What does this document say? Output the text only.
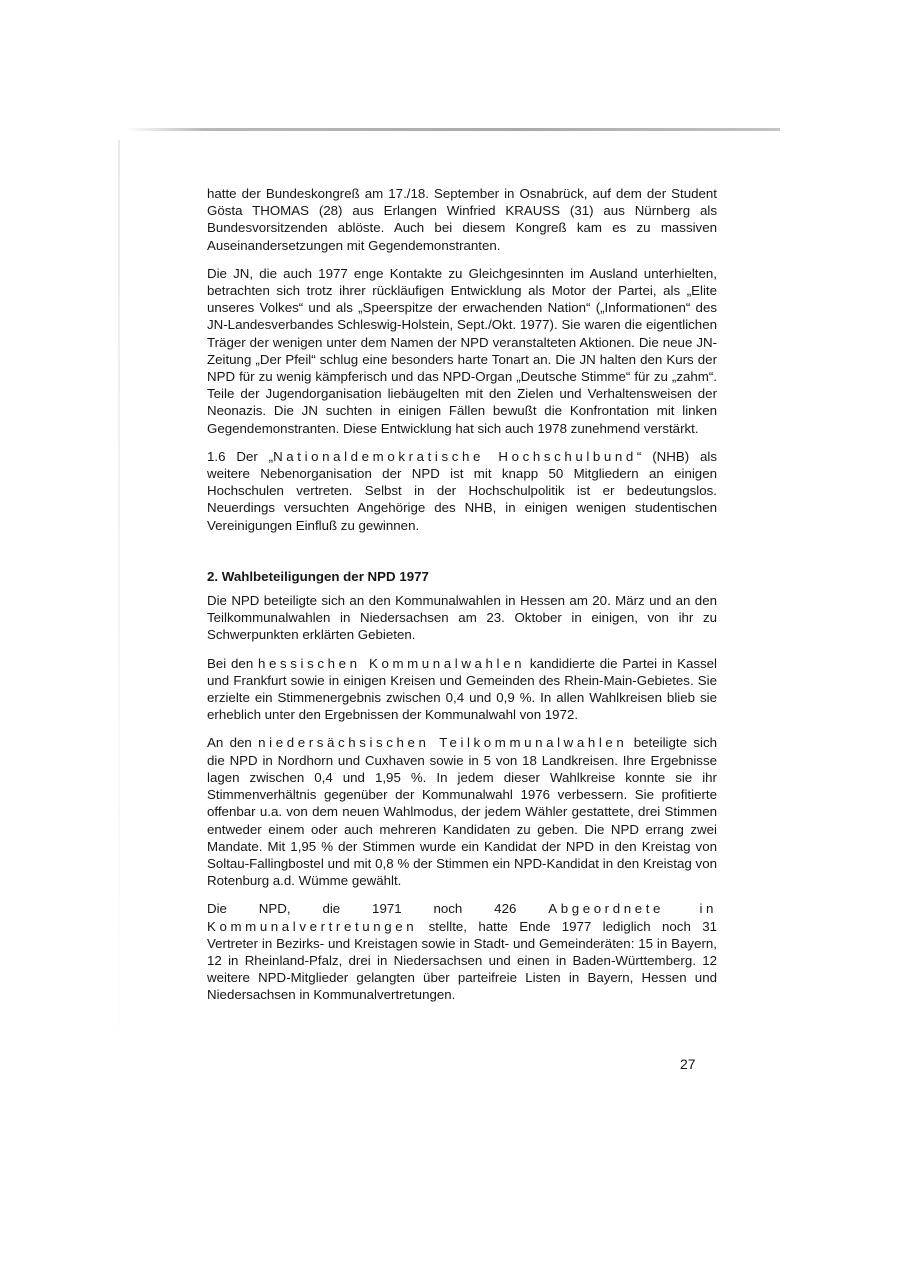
hatte der Bundeskongreß am 17./18. September in Osnabrück, auf dem der Student Gösta THOMAS (28) aus Erlangen Winfried KRAUSS (31) aus Nürnberg als Bundesvorsitzenden ablöste. Auch bei diesem Kongreß kam es zu massiven Auseinandersetzungen mit Gegendemonstranten.

Die JN, die auch 1977 enge Kontakte zu Gleichgesinnten im Ausland unterhielten, betrachten sich trotz ihrer rückläufigen Entwicklung als Motor der Partei, als „Elite unseres Volkes“ und als „Speerspitze der erwachenden Nation“ („Informationen“ des JN-Landesverbandes Schleswig-Holstein, Sept./Okt. 1977). Sie waren die eigentlichen Träger der wenigen unter dem Namen der NPD veranstalteten Aktionen. Die neue JN-Zeitung „Der Pfeil“ schlug eine besonders harte Tonart an. Die JN halten den Kurs der NPD für zu wenig kämpferisch und das NPD-Organ „Deutsche Stimme“ für zu „zahm“. Teile der Jugendorganisation liebäugelten mit den Zielen und Verhaltensweisen der Neonazis. Die JN suchten in einigen Fällen bewußt die Konfrontation mit linken Gegendemonstranten. Diese Entwicklung hat sich auch 1978 zunehmend verstärkt.

1.6 Der „Nationaldemokratische Hochschulbund“ (NHB) als weitere Nebenorganisation der NPD ist mit knapp 50 Mitgliedern an einigen Hochschulen vertreten. Selbst in der Hochschulpolitik ist er bedeutungslos. Neuerdings versuchten Angehörige des NHB, in einigen wenigen studentischen Vereinigungen Einfluß zu gewinnen.

2. Wahlbeteiligungen der NPD 1977

Die NPD beteiligte sich an den Kommunalwahlen in Hessen am 20. März und an den Teilkommunalwahlen in Niedersachsen am 23. Oktober in einigen, von ihr zu Schwerpunkten erklärten Gebieten.

Bei den hessischen Kommunalwahlen kandidierte die Partei in Kassel und Frankfurt sowie in einigen Kreisen und Gemeinden des Rhein-Main-Gebietes. Sie erzielte ein Stimmenergebnis zwischen 0,4 und 0,9 %. In allen Wahlkreisen blieb sie erheblich unter den Ergebnissen der Kommunalwahl von 1972.

An den niedersächsischen Teilkommunalwahlen beteiligte sich die NPD in Nordhorn und Cuxhaven sowie in 5 von 18 Landkreisen. Ihre Ergebnisse lagen zwischen 0,4 und 1,95 %. In jedem dieser Wahlkreise konnte sie ihr Stimmenverhältnis gegenüber der Kommunalwahl 1976 verbessern. Sie profitierte offenbar u.a. von dem neuen Wahlmodus, der jedem Wähler gestattete, drei Stimmen entweder einem oder auch mehreren Kandidaten zu geben. Die NPD errang zwei Mandate. Mit 1,95 % der Stimmen wurde ein Kandidat der NPD in den Kreistag von Soltau-Fallingbostel und mit 0,8 % der Stimmen ein NPD-Kandidat in den Kreistag von Rotenburg a.d. Wümme gewählt.

Die NPD, die 1971 noch 426 Abgeordnete in Kommunalvertretungen stellte, hatte Ende 1977 lediglich noch 31 Vertreter in Bezirks- und Kreistagen sowie in Stadt- und Gemeinderäten: 15 in Bayern, 12 in Rheinland-Pfalz, drei in Niedersachsen und einen in Baden-Württemberg. 12 weitere NPD-Mitglieder gelangten über parteifreie Listen in Bayern, Hessen und Niedersachsen in Kommunalvertretungen.

27
